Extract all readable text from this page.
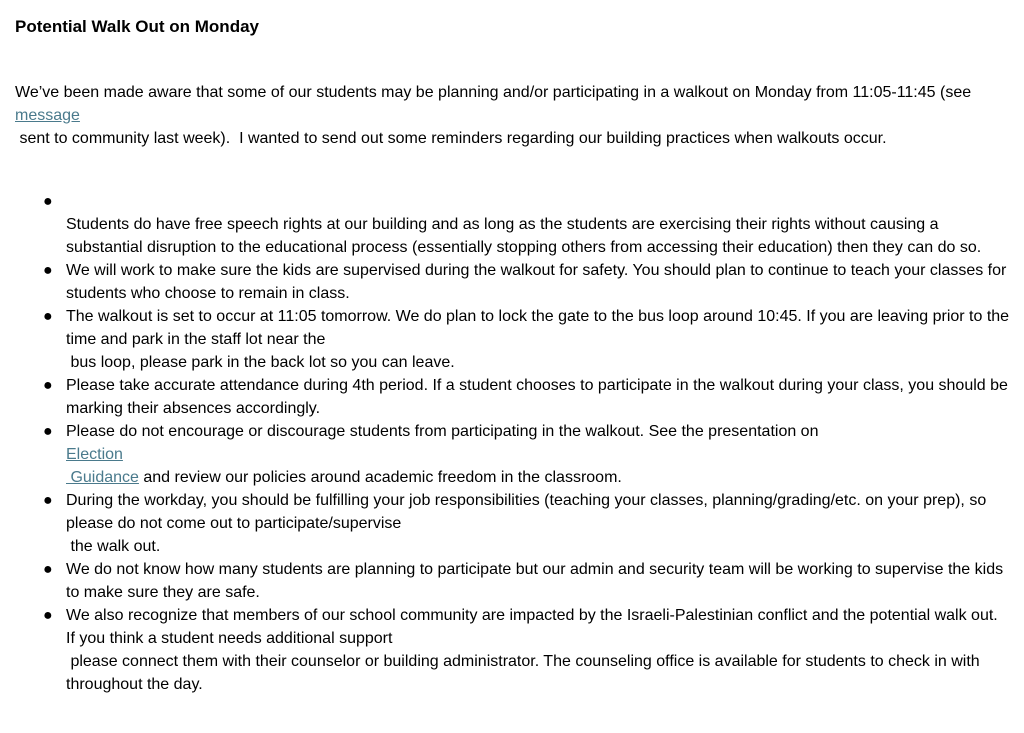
Potential Walk Out on Monday

We’ve been made aware that some of our students may be planning and/or participating in a walkout on Monday from 11:05-11:45 (see
message
sent to community last week).  I wanted to send out some reminders regarding our building practices when walkouts occur.

●
Students do have free speech rights at our building and as long as the students are exercising their rights without causing a substantial disruption to the educational process (essentially stopping others from accessing their education) then they can do so.
● We will work to make sure the kids are supervised during the walkout for safety. You should plan to continue to teach your classes for students who choose to remain in class.
● The walkout is set to occur at 11:05 tomorrow. We do plan to lock the gate to the bus loop around 10:45. If you are leaving prior to the time and park in the staff lot near the
bus loop, please park in the back lot so you can leave.
● Please take accurate attendance during 4th period. If a student chooses to participate in the walkout during your class, you should be marking their absences accordingly.
● Please do not encourage or discourage students from participating in the walkout. See the presentation on
Election
Guidance and review our policies around academic freedom in the classroom.
● During the workday, you should be fulfilling your job responsibilities (teaching your classes, planning/grading/etc. on your prep), so please do not come out to participate/supervise
the walk out.
● We do not know how many students are planning to participate but our admin and security team will be working to supervise the kids to make sure they are safe.
● We also recognize that members of our school community are impacted by the Israeli-Palestinian conflict and the potential walk out. If you think a student needs additional support
please connect them with their counselor or building administrator. The counseling office is available for students to check in with throughout the day.
